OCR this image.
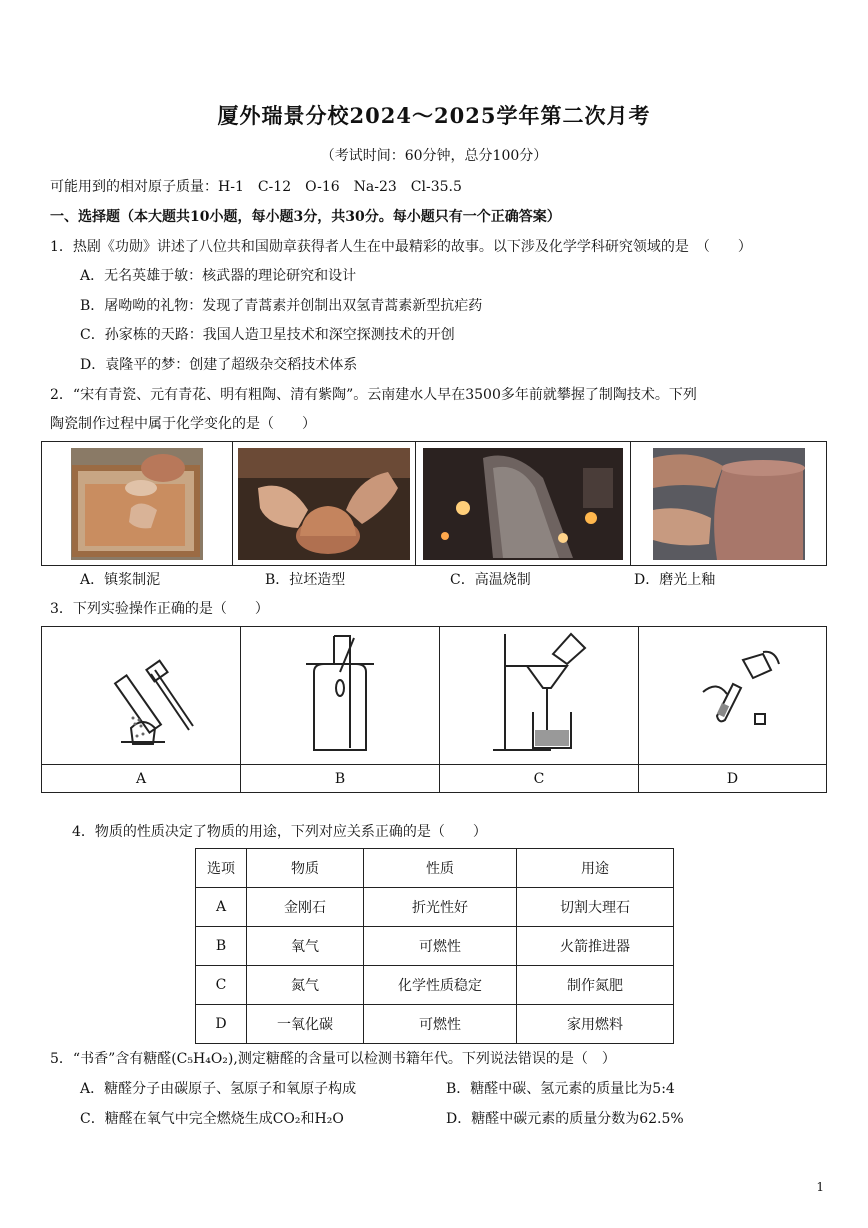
厦外瑞景分校2024～2025学年第二次月考
（考试时间：60分钟，总分100分）
可能用到的相对原子质量：H-1　C-12　O-16　Na-23　Cl-35.5
一、选择题（本大题共10小题，每小题3分，共30分。每小题只有一个正确答案）
1．热剧《功勋》讲述了八位共和国勋章获得者人生在中最精彩的故事。以下涉及化学学科研究领域的是　（　　）
A．无名英雄于敏：核武器的理论研究和设计
B．屠呦呦的礼物：发现了青蒿素并创制出双氢青蒿素新型抗疟药
C．孙家栋的天路：我国人造卫星技术和深空探测技术的开创
D．袁隆平的梦：创建了超级杂交稻技术体系
2．“宋有青瓷、元有青花、明有粗陶、清有紫陶”。云南建水人早在3500多年前就攀握了制陶技术。下列
陶瓷制作过程中属于化学变化的是（　　）

A．镇浆制泥	B．拉坯造型	C．高温烧制	D．磨光上釉
3．下列实验操作正确的是（　　）

A	B	C	D
4．物质的性质决定了物质的用途，下列对应关系正确的是（　　）
选项	物质	性质	用途
A	金刚石	折光性好	切割大理石
B	氧气	可燃性	火箭推进器
C	氮气	化学性质稳定	制作氮肥
D	一氧化碳	可燃性	家用燃料
5．“书香”含有糖醛(C₅H₄O₂),测定糖醛的含量可以检测书籍年代。下列说法错误的是（　）
A．糖醛分子由碳原子、氢原子和氧原子构成	B．糖醛中碳、氢元素的质量比为5:4
C．糖醛在氧气中完全燃烧生成CO₂和H₂O	D．糖醛中碳元素的质量分数为62.5%
1
